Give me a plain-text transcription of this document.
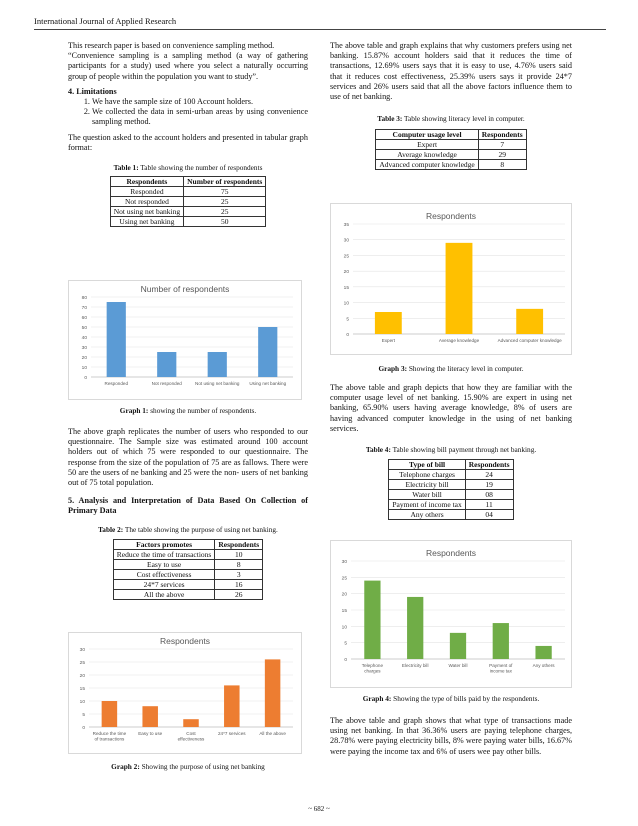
International Journal of Applied Research

This research paper is based on convenience sampling method.

“Convenience sampling is a sampling method (a way of gathering participants for a study) used where you select a naturally occurring group of people within the population you want to study”.

4. Limitations

1. We have the sample size of 100 Account holders.
2. We collected the data in semi-urban areas by using convenience sampling method.

The question asked to the account holders and presented in tabular graph format:

Table 1: Table showing the number of respondents
Respondents	Number of respondents
Responded	75
Not responded	25
Not using net banking	25
Using net banking	50
Number of respondents
0
10
20
30
40
50
60
70
80
Responded	Not responded	Not using net banking Using net banking
Graph 1: showing the number of respondents.

The above graph replicates the number of users who responded to our questionnaire. The Sample size was estimated around 100 account holders out of which 75 were responded to our questionnaire. The response from the size of the population of 75 are as fallows. There were 50 are the users of ne banking and 25 were the non- users of net banking out of 75 total population.

5. Analysis and Interpretation of Data Based On Collection of Primary Data

Table 2: The table showing the purpose of using net banking.
Factors promotes	Respondents
Reduce the time of transactions	10
Easy to use	8
Cost effectiveness	3
24*7 services	16
All the above	26
Respondents
0
5
10
15
20
25
30
Reduce the time of transactions
Easy to use	Cost effectiveness
24*7 services	All the above
Graph 2: Showing the purpose of using net banking

The above table and graph explains that why customers prefers using net banking. 15.87% account holders said that it reduces the time of transactions, 12.69% users says that it is easy to use, 4.76% users said that it reduces cost effectiveness, 25.39% users says it provide 24*7 services and 26% users said that all the above factors influence them to use of net banking.

Table 3: Table showing literacy level in computer.
Computer usage level	Respondents
Expert	7
Average knowledge	29
Advanced computer knowledge	8
Respondents
0
5
10
15
20
25
30
35
Expert	Average knowledge	Advanced computer knowledge
Graph 3: Showing the literacy level in computer.

The above table and graph depicts that how they are familiar with the computer usage level of net banking. 15.90% are expert in using net banking, 65.90% users having average knowledge, 8% of users are having advanced computer knowledge in the using of net banking services.

Table 4: Table showing bill payment through net banking.
Type of bill	Respondents
Telephone charges	24
Electricity bill	19
Water bill	08
Payment of income tax	11
Any others	04
Respondents
0
5
10
15
20
25
30
Telephone charges
Electricity bill	Water bill	Payment of income tax
Any others
Graph 4: Showing the type of bills paid by the respondents.

The above table and graph shows that what type of transactions made using net banking. In that 36.36% users are paying telephone charges, 28.78% were paying electricity bills, 8% were paying water bills, 16.67% were paying the income tax and 6% of users wee pay other bills.

~ 682 ~
